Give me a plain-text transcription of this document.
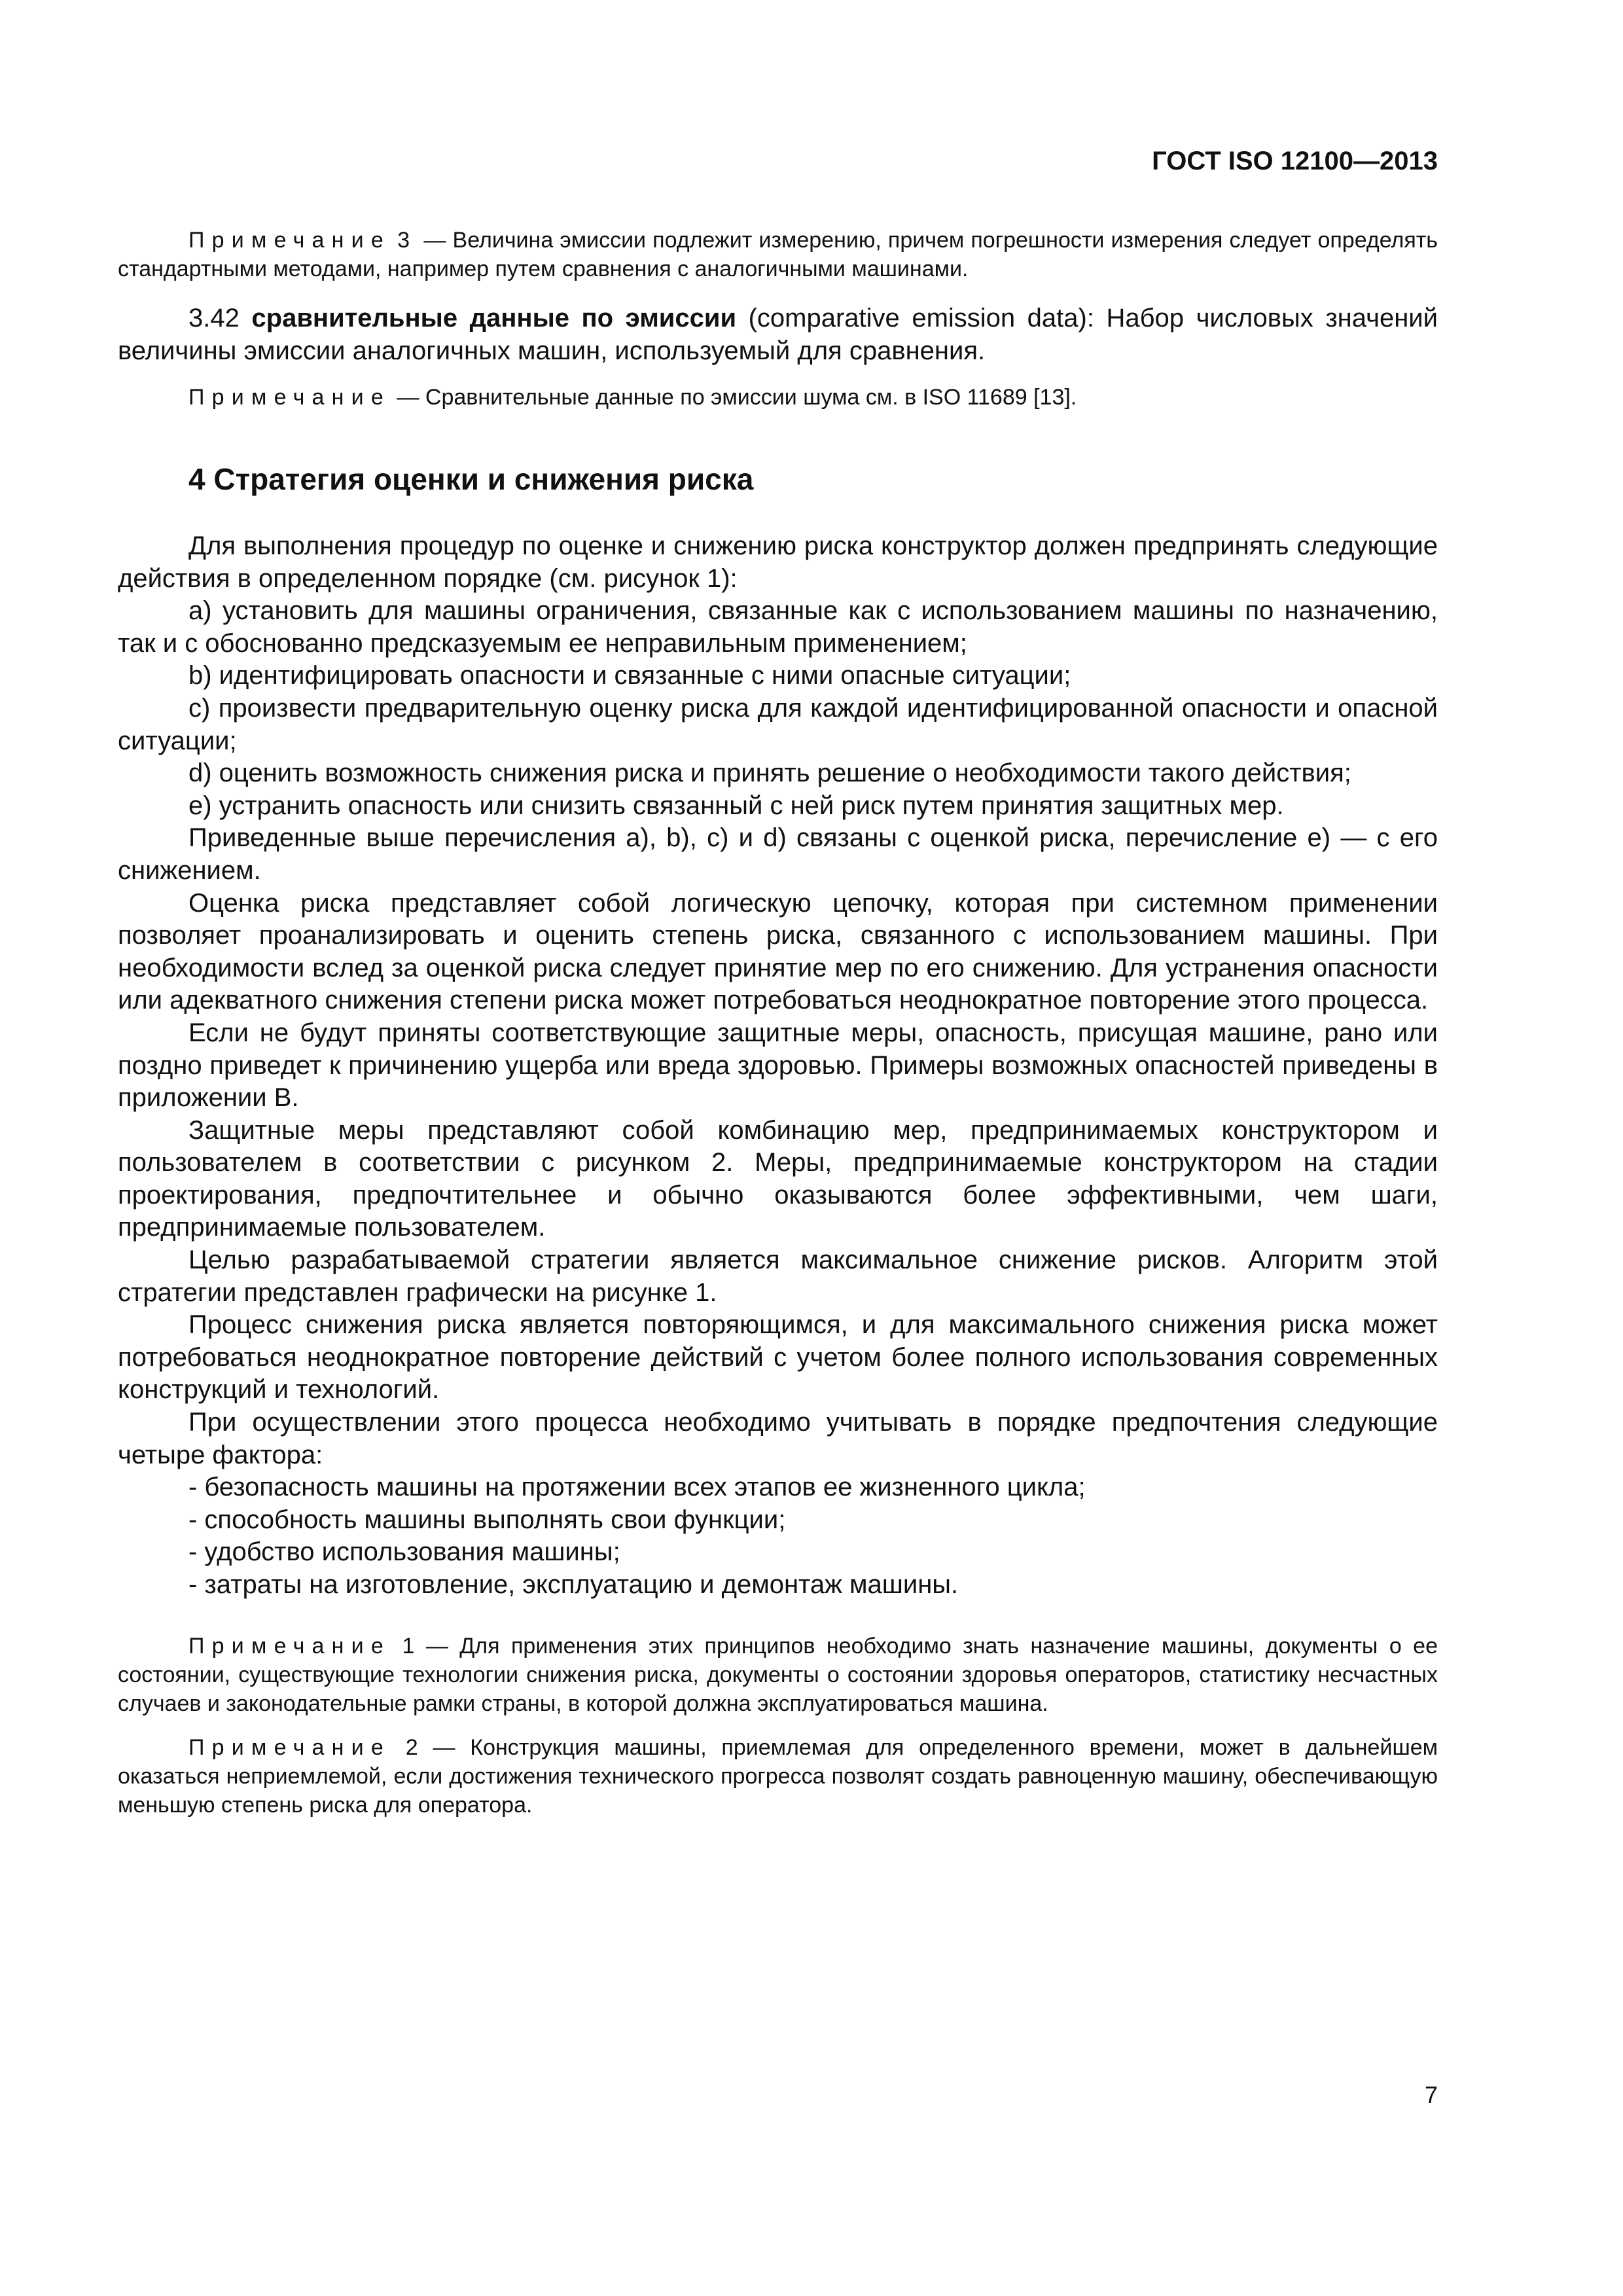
ГОСТ ISO 12100—2013

Примечание 3 — Величина эмиссии подлежит измерению, причем погрешности измерения следует определять стандартными методами, например путем сравнения с аналогичными машинами.

3.42 сравнительные данные по эмиссии (comparative emission data): Набор числовых значений величины эмиссии аналогичных машин, используемый для сравнения.

Примечание — Сравнительные данные по эмиссии шума см. в ISO 11689 [13].

4 Стратегия оценки и снижения риска

Для выполнения процедур по оценке и снижению риска конструктор должен предпринять следующие действия в определенном порядке (см. рисунок 1):

a) установить для машины ограничения, связанные как с использованием машины по назначению, так и с обоснованно предсказуемым ее неправильным применением;

b) идентифицировать опасности и связанные с ними опасные ситуации;

c) произвести предварительную оценку риска для каждой идентифицированной опасности и опасной ситуации;

d) оценить возможность снижения риска и принять решение о необходимости такого действия;

e) устранить опасность или снизить связанный с ней риск путем принятия защитных мер.

Приведенные выше перечисления a), b), c) и d) связаны с оценкой риска, перечисление e) — с его снижением.

Оценка риска представляет собой логическую цепочку, которая при системном применении позволяет проанализировать и оценить степень риска, связанного с использованием машины. При необходимости вслед за оценкой риска следует принятие мер по его снижению. Для устранения опасности или адекватного снижения степени риска может потребоваться неоднократное повторение этого процесса.

Если не будут приняты соответствующие защитные меры, опасность, присущая машине, рано или поздно приведет к причинению ущерба или вреда здоровью. Примеры возможных опасностей приведены в приложении В.

Защитные меры представляют собой комбинацию мер, предпринимаемых конструктором и пользователем в соответствии с рисунком 2. Меры, предпринимаемые конструктором на стадии проектирования, предпочтительнее и обычно оказываются более эффективными, чем шаги, предпринимаемые пользователем.

Целью разрабатываемой стратегии является максимальное снижение рисков. Алгоритм этой стратегии представлен графически на рисунке 1.

Процесс снижения риска является повторяющимся, и для максимального снижения риска может потребоваться неоднократное повторение действий с учетом более полного использования современных конструкций и технологий.

При осуществлении этого процесса необходимо учитывать в порядке предпочтения следующие четыре фактора:

- безопасность машины на протяжении всех этапов ее жизненного цикла;

- способность машины выполнять свои функции;

- удобство использования машины;

- затраты на изготовление, эксплуатацию и демонтаж машины.

Примечание 1 — Для применения этих принципов необходимо знать назначение машины, документы о ее состоянии, существующие технологии снижения риска, документы о состоянии здоровья операторов, статистику несчастных случаев и законодательные рамки страны, в которой должна эксплуатироваться машина.

Примечание 2 — Конструкция машины, приемлемая для определенного времени, может в дальнейшем оказаться неприемлемой, если достижения технического прогресса позволят создать равноценную машину, обеспечивающую меньшую степень риска для оператора.

7
